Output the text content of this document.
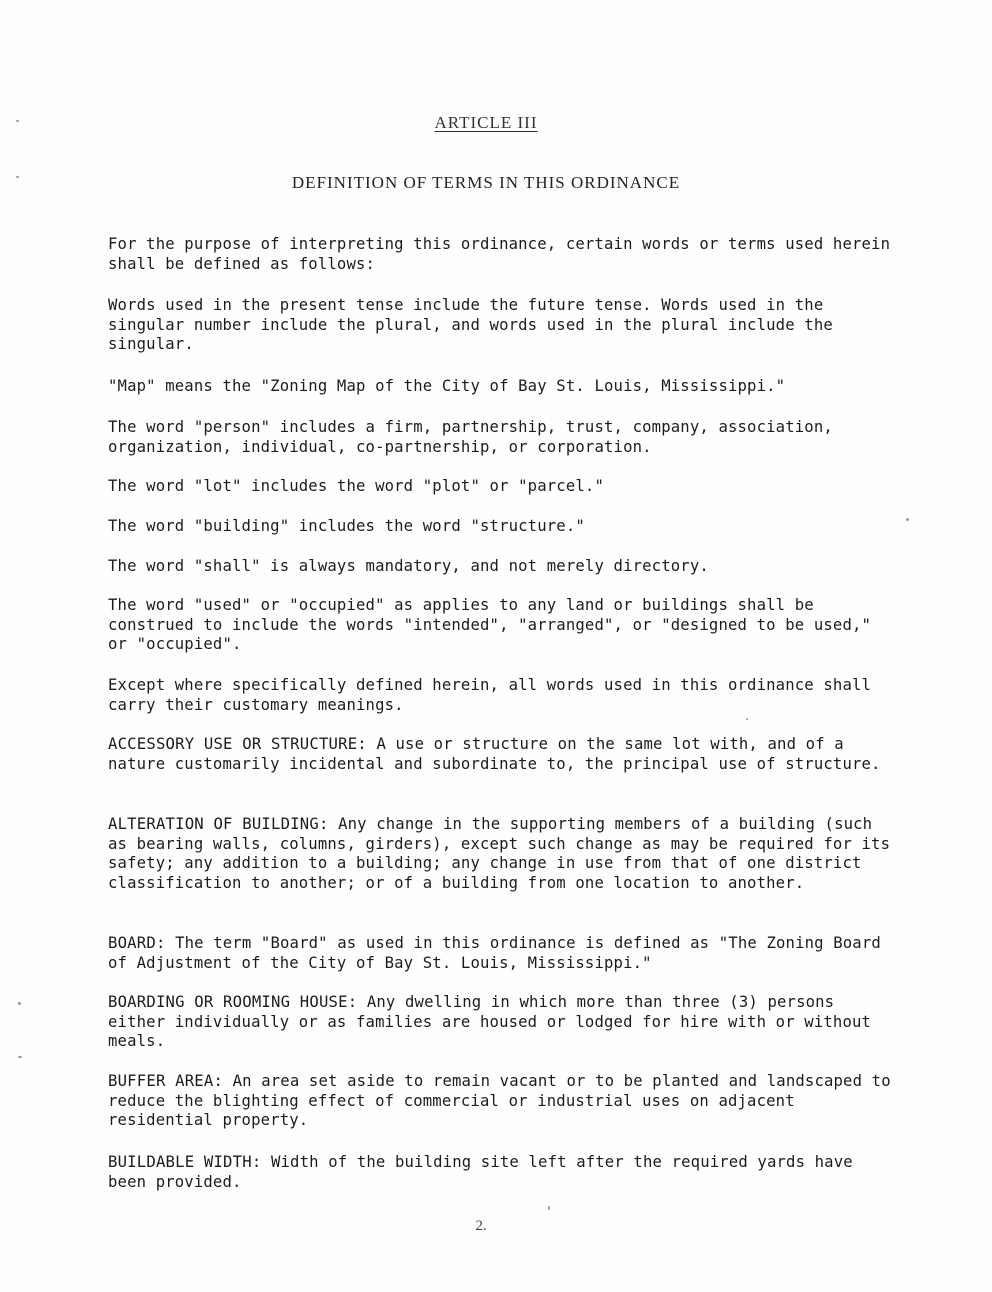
ARTICLE III
DEFINITION OF TERMS IN THIS ORDINANCE

For the purpose of interpreting this ordinance, certain words or terms used herein shall be defined as follows:

Words used in the present tense include the future tense. Words used in the singular number include the plural, and words used in the plural include the singular.

"Map" means the "Zoning Map of the City of Bay St. Louis, Mississippi."

The word "person" includes a firm, partnership, trust, company, association, organization, individual, co-partnership, or corporation.

The word "lot" includes the word "plot" or "parcel."

The word "building" includes the word "structure."

The word "shall" is always mandatory, and not merely directory.

The word "used" or "occupied" as applies to any land or buildings shall be construed to include the words "intended", "arranged", or "designed to be used," or "occupied".

Except where specifically defined herein, all words used in this ordinance shall carry their customary meanings.

ACCESSORY USE OR STRUCTURE: A use or structure on the same lot with, and of a nature customarily incidental and subordinate to, the principal use of structure.

ALTERATION OF BUILDING: Any change in the supporting members of a building (such as bearing walls, columns, girders), except such change as may be required for its safety; any addition to a building; any change in use from that of one district classification to another; or of a building from one location to another.

BOARD: The term "Board" as used in this ordinance is defined as "The Zoning Board of Adjustment of the City of Bay St. Louis, Mississippi."

BOARDING OR ROOMING HOUSE: Any dwelling in which more than three (3) persons either individually or as families are housed or lodged for hire with or without meals.

BUFFER AREA: An area set aside to remain vacant or to be planted and landscaped to reduce the blighting effect of commercial or industrial uses on adjacent residential property.

BUILDABLE WIDTH: Width of the building site left after the required yards have been provided.

2.
